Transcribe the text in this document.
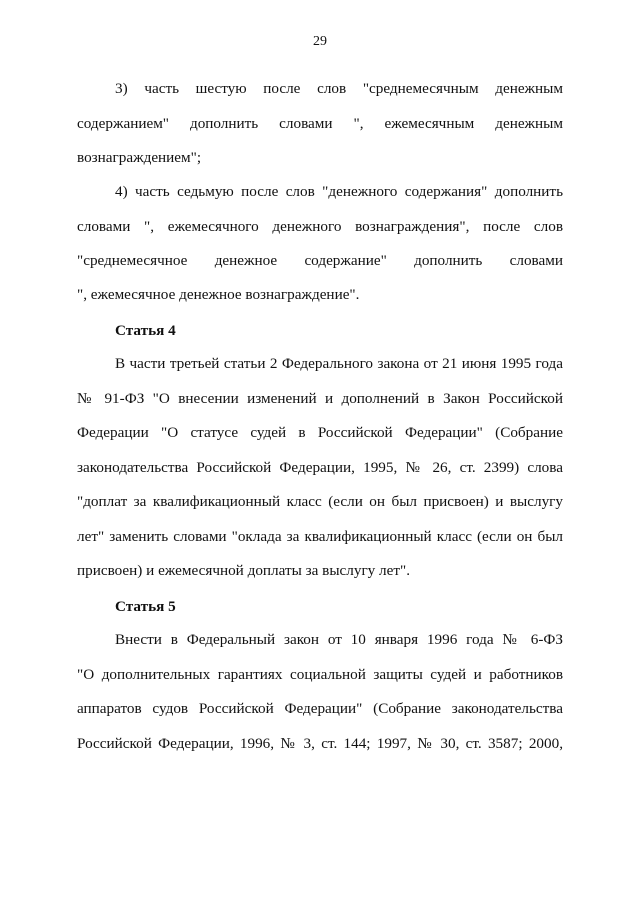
29
3) часть шестую после слов "среднемесячным денежным
содержанием" дополнить словами ", ежемесячным денежным
вознаграждением";
4) часть седьмую после слов "денежного содержания" дополнить
словами ", ежемесячного денежного вознаграждения", после слов
"среднемесячное денежное содержание" дополнить словами
", ежемесячное денежное вознаграждение".
Статья 4
В части третьей статьи 2 Федерального закона от 21 июня 1995 года
№ 91-ФЗ "О внесении изменений и дополнений в Закон Российской
Федерации "О статусе судей в Российской Федерации" (Собрание
законодательства Российской Федерации, 1995, № 26, ст. 2399) слова
"доплат за квалификационный класс (если он был присвоен) и выслугу
лет" заменить словами "оклада за квалификационный класс (если он был
присвоен) и ежемесячной доплаты за выслугу лет".
Статья 5
Внести в Федеральный закон от 10 января 1996 года № 6-ФЗ
"О дополнительных гарантиях социальной защиты судей и работников
аппаратов судов Российской Федерации" (Собрание законодательства
Российской Федерации, 1996, № 3, ст. 144; 1997, № 30, ст. 3587; 2000,
